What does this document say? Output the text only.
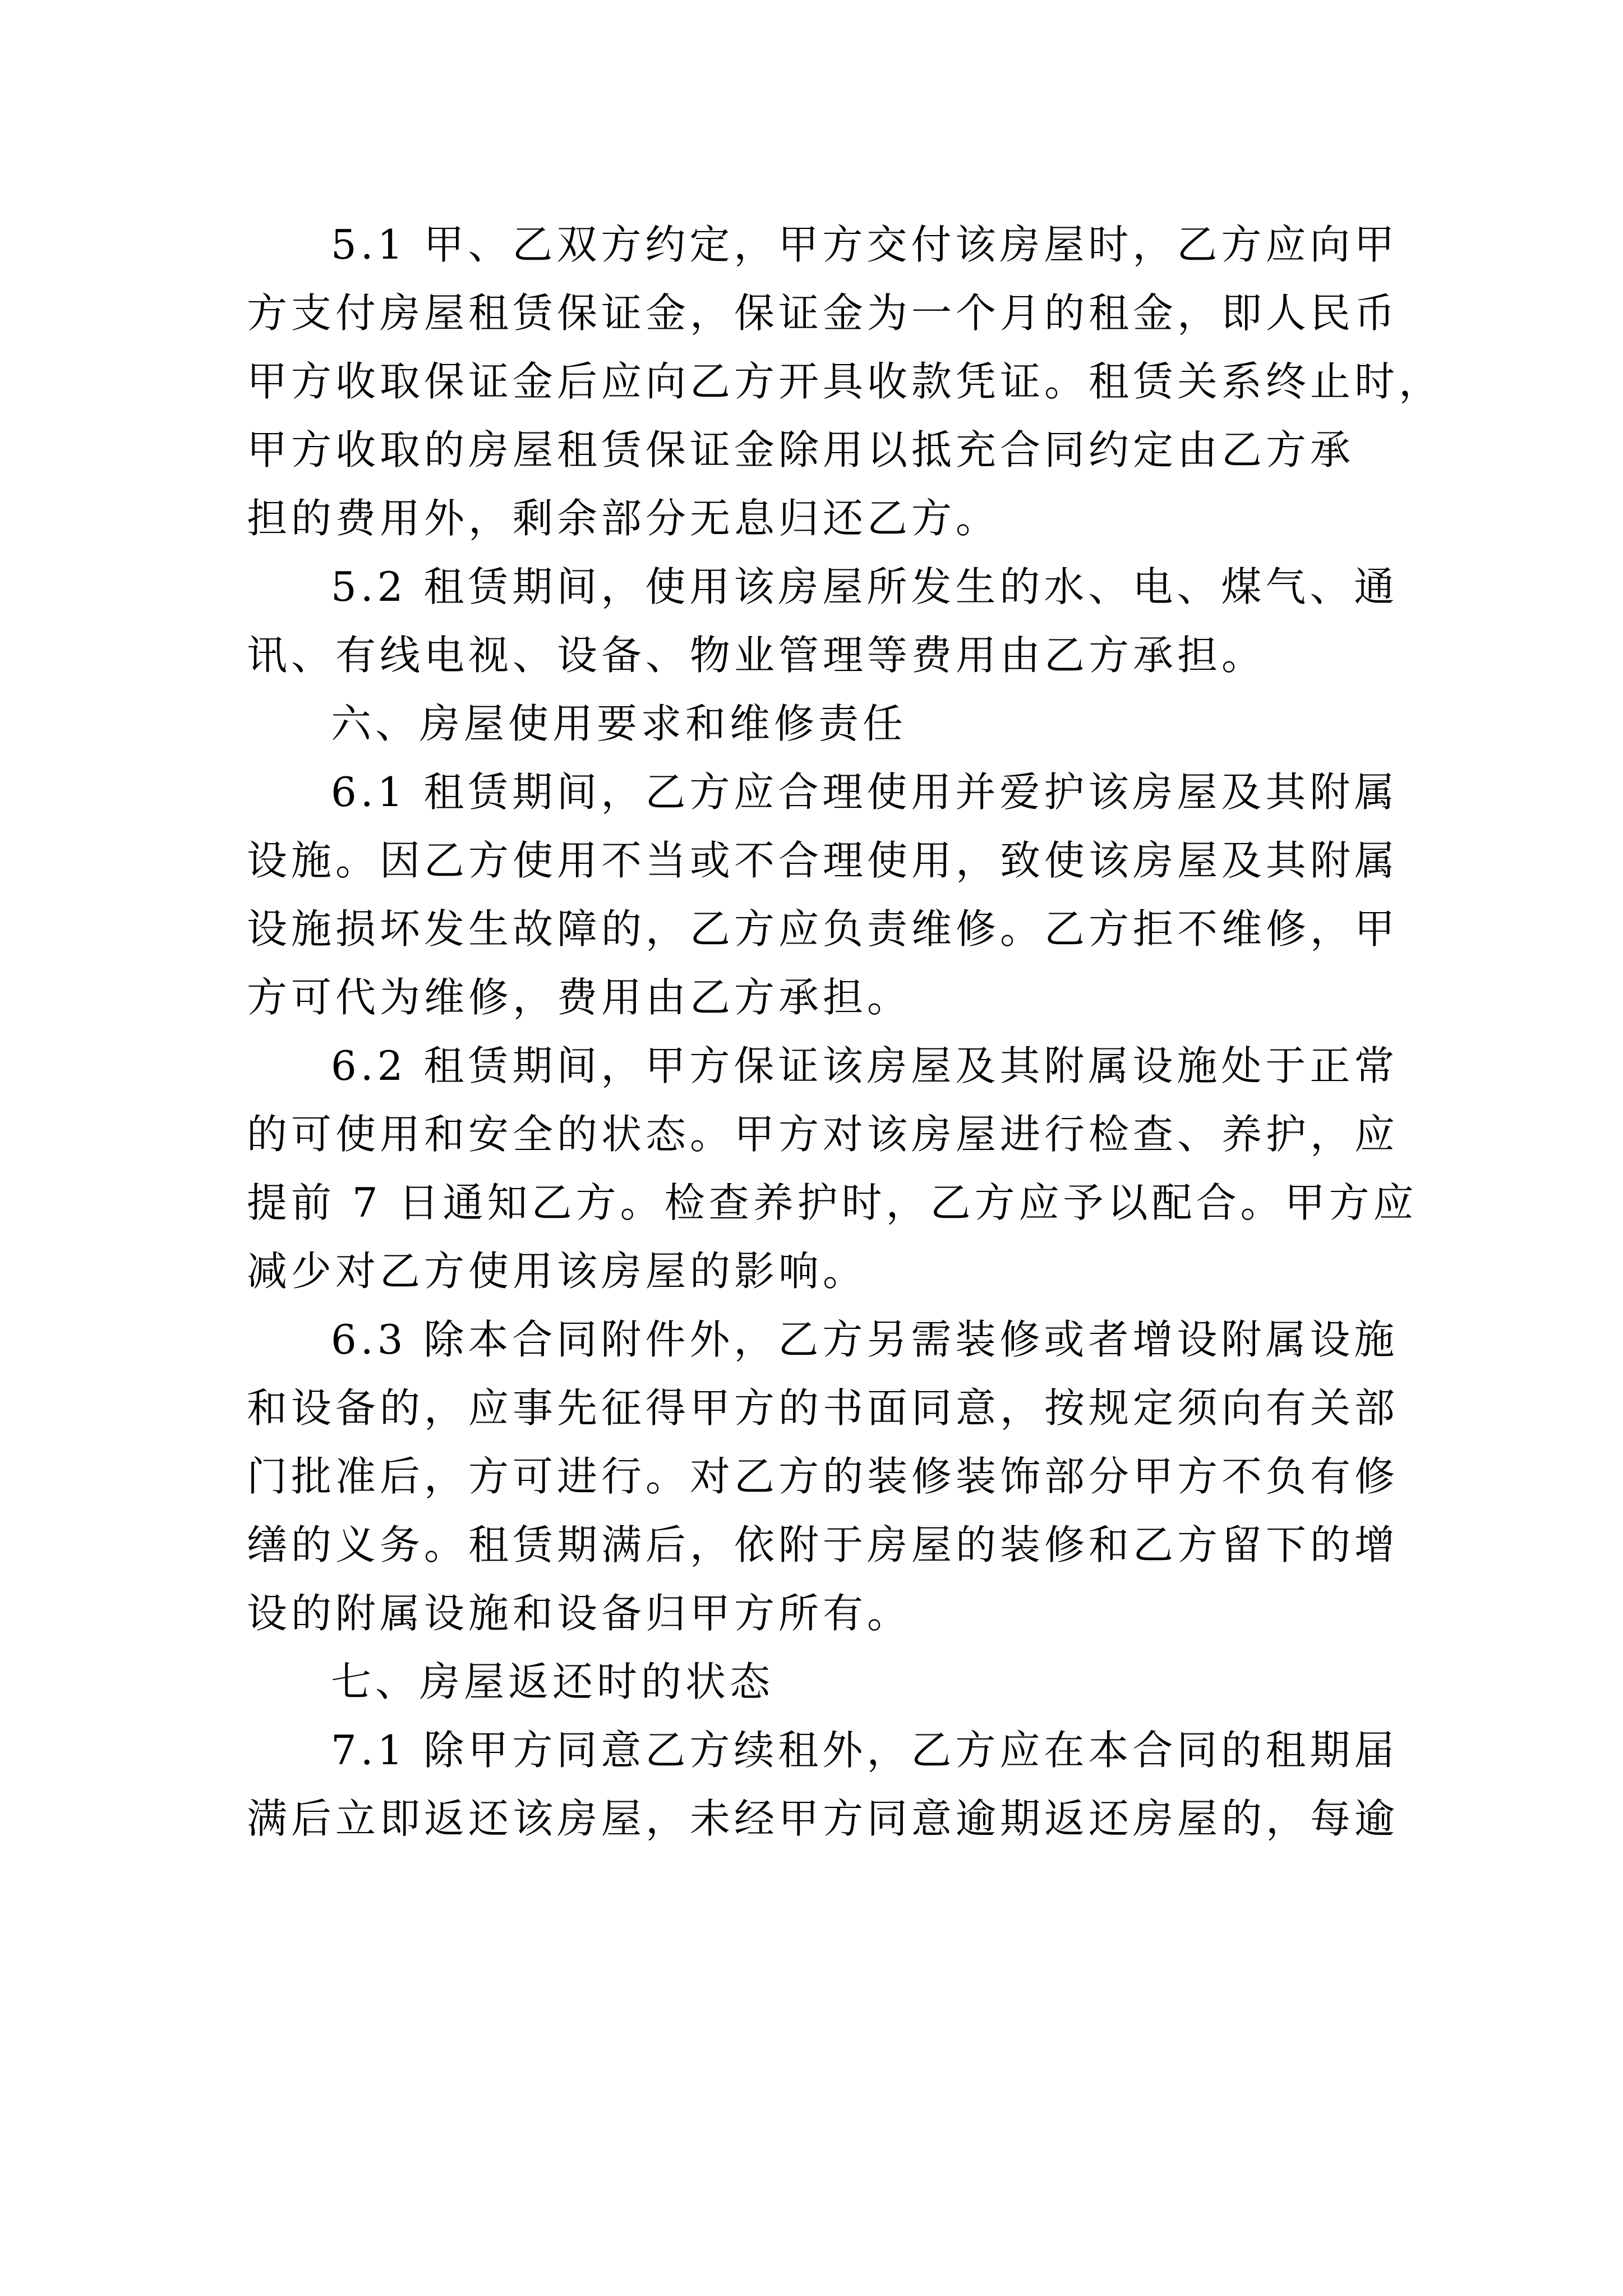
5.1 甲、乙双方约定，甲方交付该房屋时，乙方应向甲
方支付房屋租赁保证金，保证金为一个月的租金，即人民币
甲方收取保证金后应向乙方开具收款凭证。租赁关系终止时，
甲方收取的房屋租赁保证金除用以抵充合同约定由乙方承
担的费用外，剩余部分无息归还乙方。
5.2 租赁期间，使用该房屋所发生的水、电、煤气、通
讯、有线电视、设备、物业管理等费用由乙方承担。
六、房屋使用要求和维修责任
6.1 租赁期间，乙方应合理使用并爱护该房屋及其附属
设施。因乙方使用不当或不合理使用，致使该房屋及其附属
设施损坏发生故障的，乙方应负责维修。乙方拒不维修，甲
方可代为维修，费用由乙方承担。
6.2 租赁期间，甲方保证该房屋及其附属设施处于正常
的可使用和安全的状态。甲方对该房屋进行检查、养护，应
提前 7 日通知乙方。检查养护时，乙方应予以配合。甲方应
减少对乙方使用该房屋的影响。
6.3 除本合同附件外，乙方另需装修或者增设附属设施
和设备的，应事先征得甲方的书面同意，按规定须向有关部
门批准后，方可进行。对乙方的装修装饰部分甲方不负有修
缮的义务。租赁期满后，依附于房屋的装修和乙方留下的增
设的附属设施和设备归甲方所有。
七、房屋返还时的状态
7.1 除甲方同意乙方续租外，乙方应在本合同的租期届
满后立即返还该房屋，未经甲方同意逾期返还房屋的，每逾
